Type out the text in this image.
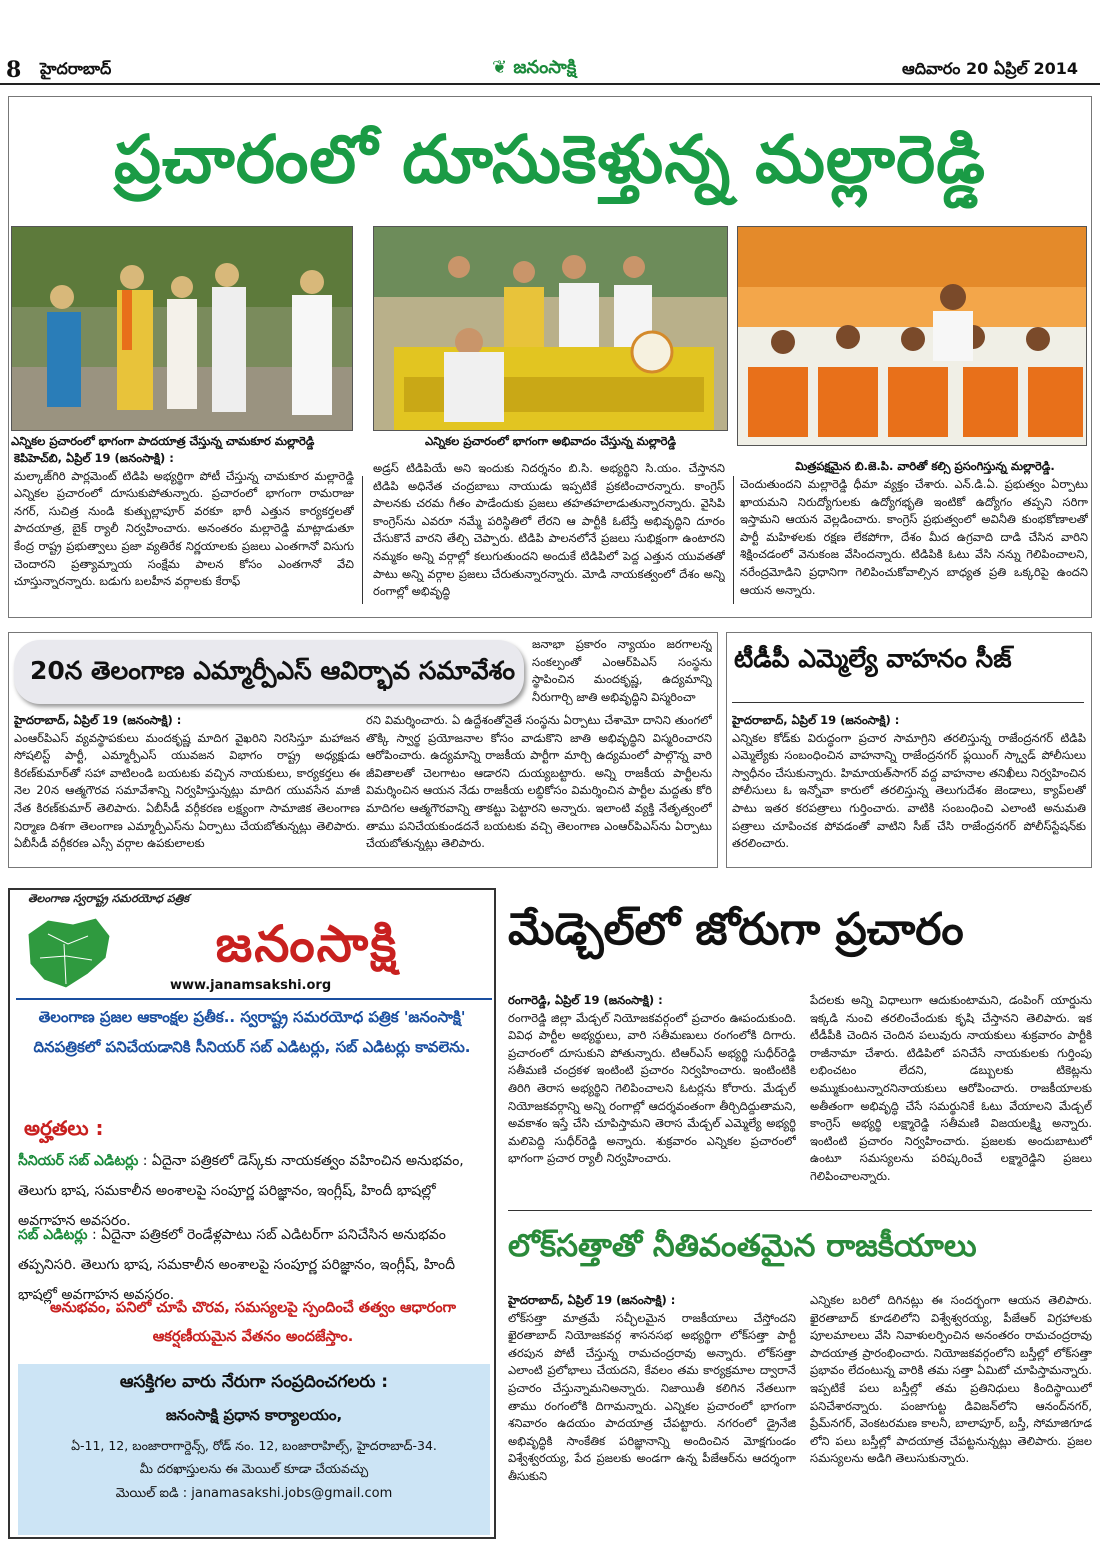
8 హైదరాబాద్	❦ జనంసాక్షి	ఆదివారం 20 ఏప్రిల్ 2014
ప్రచారంలో దూసుకెళ్తున్న మల్లారెడ్డి
ఎన్నికల ప్రచారంలో భాగంగా పాదయాత్ర చేస్తున్న చామకూర మల్లారెడ్డి	ఎన్నికల ప్రచారంలో భాగంగా అభివాదం చేస్తున్న మల్లారెడ్డి
మిత్రపక్షమైన బి.జె.పి. వారితో కల్సి ప్రసంగిస్తున్న మల్లారెడ్డి.
కెపిహెచ్‌బి, ఏప్రిల్ 19 (జనంసాక్షి) :
మల్కాజ్‌గిరి పార్లమెంట్ టిడిపి అభ్యర్థిగా పోటీ చేస్తున్న చామకూర మల్లారెడ్డి ఎన్నికల ప్రచారంలో దూసుకుపోతున్నారు. ప్రచారంలో భాగంగా రామరాజు నగర్, సుచిత్ర నుండి కుత్బుల్లాపూర్ వరకూ భారీ ఎత్తున కార్యకర్తలతో పాదయాత్ర, బైక్ ర్యాలీ నిర్వహించారు. అనంతరం మల్లారెడ్డి మాట్లాడుతూ కేంద్ర రాష్ట్ర ప్రభుత్వాలు ప్రజా వ్యతిరేక నిర్ణయాలకు ప్రజలు ఎంతగానో విసుగు చెందారని ప్రత్యామ్నాయ సంక్షేమ పాలన కోసం ఎంతగానో వేచి చూస్తున్నారన్నారు. బడుగు బలహీన వర్గాలకు కేరాఫ్
అడ్రస్ టిడిపియే అని ఇందుకు నిదర్శనం బి.సి. అభ్యర్థిని సి.యం. చేస్తానని టిడిపి అధినేత చంద్రబాబు నాయుడు ఇప్పటికే ప్రకటించారన్నారు. కాంగ్రెస్ పాలనకు చరమ గీతం పాడేందుకు ప్రజలు తహతహలాడుతున్నారన్నారు. వైసిపి కాంగ్రెస్‌ను ఎవరూ నమ్మే పరిస్థితిలో లేరని ఆ పార్టీకి ఓటేస్తే అభివృద్ధిని దూరం చేసుకొనే వారని తేల్చి చెప్పారు. టిడిపి పాలనలోనే ప్రజలు సుభిక్షంగా ఉంటారని నమ్మకం అన్ని వర్గాల్లో కలుగుతుందని అందుకే టిడిపిలో పెద్ద ఎత్తున యువతతో పాటు అన్ని వర్గాల ప్రజలు చేరుతున్నారన్నారు. మోడి నాయకత్వంలో దేశం అన్ని రంగాల్లో అభివృద్ధి
చెందుతుందని మల్లారెడ్డి ధీమా వ్యక్తం చేశారు. ఎన్.డి.ఏ. ప్రభుత్వం ఏర్పాటు ఖాయమని నిరుద్యోగులకు ఉద్యోగభృతి ఇంటికో ఉద్యోగం తప్పని సరిగా ఇస్తామని ఆయన వెల్లడించారు. కాంగ్రెస్ ప్రభుత్వంలో అవినీతి కుంభకోణాలతో పార్టీ మహిళలకు రక్షణ లేకపోగా, దేశం మీద ఉగ్రవాది దాడి చేసిన వారిని శిక్షించడంలో వెనుకంజ వేసిందన్నారు. టిడిపికి ఓటు వేసి నన్ను గెలిపించాలని, నరేంద్రమోడిని ప్రధానిగా గెలిపించుకోవాల్సిన బాధ్యత ప్రతి ఒక్కరిపై ఉందని ఆయన అన్నారు.
20న తెలంగాణ ఎమ్మార్పీఎస్ ఆవిర్భావ సమావేశం
జనాభా ప్రకారం న్యాయం జరగాలన్న సంకల్పంతో ఎంఆర్‌పిఎస్ సంస్థను స్థాపించిన మందకృష్ణ, ఉద్యమాన్ని నీరుగార్చి జాతి అభివృద్ధిని విస్మరించా
హైదరాబాద్, ఏప్రిల్ 19 (జనంసాక్షి) :
ఎంఆర్‌పిఎస్ వ్యవస్థాపకులు మందకృష్ణ మాదిగ వైఖరిని నిరసిస్తూ మహాజన సోషలిస్ట్ పార్టీ, ఎమ్మార్పీఎస్ యువజన విభాగం రాష్ట్ర అధ్యక్షుడు కిరణ్‌కుమార్‌తో సహా వాటిలండి బయటకు వచ్చిన నాయకులు, కార్యకర్తలు ఈ నెల 20న ఆత్మగౌరవ సమావేశాన్ని నిర్వహిస్తున్నట్లు మాదిగ యువసేన మాజీ నేత కిరణ్‌కుమార్ తెలిపారు. ఏబీసీడీ వర్గీకరణ లక్ష్యంగా సామాజిక తెలంగాణ నిర్మాణ దిశగా తెలంగాణ ఎమ్మార్పీఎస్‌ను ఏర్పాటు చేయబోతున్నట్లు తెలిపారు. ఏబీసీడీ వర్గీకరణ ఎస్సీ వర్గాల ఉపకులాలకు
రని విమర్శించారు. ఏ ఉద్దేశంతోనైతే సంస్థను ఏర్పాటు చేశామో దానిని తుంగలో తొక్కి స్వార్థ ప్రయోజనాల కోసం వాడుకొని జాతి అభివృద్ధిని విస్మరించారని ఆరోపించారు. ఉద్యమాన్ని రాజకీయ పార్టీగా మార్చి ఉద్యమంలో పాల్గొన్న వారి జీవితాలతో చెలగాటం ఆడారని దుయ్యబట్టారు. అన్ని రాజకీయ పార్టీలను విమర్శించిన ఆయన నేడు రాజకీయ లబ్ధికోసం విమర్శించిన పార్టీల మద్దతు కోరి మాదిగల ఆత్మగౌరవాన్ని తాకట్టు పెట్టారని అన్నారు. ఇలాంటి వ్యక్తి నేతృత్వంలో తాము పనిచేయకుండదనే బయటకు వచ్చి తెలంగాణ ఎంఆర్‌పిఎస్‌ను ఏర్పాటు చేయబోతున్నట్లు తెలిపారు.
టీడీపీ ఎమ్మెల్యే వాహనం సీజ్
హైదరాబాద్, ఏప్రిల్ 19 (జనంసాక్షి) :
ఎన్నికల కోడ్‌కు విరుద్ధంగా ప్రచార సామాగ్రిని తరలిస్తున్న రాజేంద్రనగర్ టిడిపి ఎమ్మెల్యేకు సంబంధించిన వాహనాన్ని రాజేంద్రనగర్ ఫ్లయింగ్ స్క్వాడ్ పోలీసులు స్వాధీనం చేసుకున్నారు. హిమాయత్‌సాగర్ వద్ద వాహనాల తనిఖీలు నిర్వహించిన పోలీసులు ఓ ఇన్నోవా కారులో తరలిస్తున్న తెలుగుదేశం జెండాలు, క్యాప్‌లతో పాటు ఇతర కరపత్రాలు గుర్తించారు. వాటికి సంబంధించి ఎలాంటి అనుమతి పత్రాలు చూపించక పోవడంతో వాటిని సీజ్ చేసి రాజేంద్రనగర్ పోలీస్‌స్టేషన్‌కు తరలించారు.
తెలంగాణ స్వరాష్ట్ర సమరయోధ పత్రిక
జనంసాక్షి
www.janamsakshi.org
తెలంగాణ ప్రజల ఆకాంక్షల ప్రతీక.. స్వరాష్ట్ర సమరయోధ పత్రిక 'జనంసాక్షి' దినపత్రికలో పనిచేయడానికి సీనియర్ సబ్ ఎడిటర్లు, సబ్ ఎడిటర్లు కావలెను.
అర్హతలు :
సీనియర్ సబ్ ఎడిటర్లు : ఏదైనా పత్రికలో డెస్క్‌కు నాయకత్వం వహించిన అనుభవం, తెలుగు భాష, సమకాలీన అంశాలపై సంపూర్ణ పరిజ్ఞానం, ఇంగ్లీష్, హిందీ భాషల్లో అవగాహన అవసరం.
సబ్ ఎడిటర్లు : ఏదైనా పత్రికలో రెండేళ్లపాటు సబ్ ఎడిటర్‌గా పనిచేసిన అనుభవం తప్పనిసరి. తెలుగు భాష, సమకాలీన అంశాలపై సంపూర్ణ పరిజ్ఞానం, ఇంగ్లీష్, హిందీ భాషల్లో అవగాహన అవసరం.
అనుభవం, పనిలో చూపే చొరవ, సమస్యలపై స్పందించే తత్వం ఆధారంగా ఆకర్షణీయమైన వేతనం అందజేస్తాం.
ఆసక్తిగల వారు నేరుగా సంప్రదించగలరు :
జనంసాక్షి ప్రధాన కార్యాలయం,
ఏ-11, 12, బంజారాగార్డెన్స్, రోడ్ నం. 12, బంజారాహిల్స్, హైదరాబాద్-34.
మీ దరఖాస్తులను ఈ మెయిల్ కూడా చేయవచ్చు
మెయిల్ ఐడి : janamasakshi.jobs@gmail.com
మేడ్చెల్‌లో జోరుగా ప్రచారం
రంగారెడ్డి, ఏప్రిల్ 19 (జనంసాక్షి) :
రంగారెడ్డి జిల్లా మేడ్చల్ నియోజకవర్గంలో ప్రచారం ఊపందుకుంది. వివిధ పార్టీల అభ్యర్థులు, వారి సతీమణులు రంగంలోకి దిగారు. ప్రచారంలో దూసుకుని పోతున్నారు. టిఆర్‌ఎస్ అభ్యర్థి సుధీర్‌రెడ్డి సతీమణి చంద్రకళ ఇంటింటి ప్రచారం నిర్వహించారు. ఇంటింటికి తిరిగి తెరాస అభ్యర్థిని గెలిపించాలని ఓటర్లను కోరారు. మేడ్చల్ నియోజకవర్గాన్ని అన్ని రంగాల్లో ఆదర్శవంతంగా తీర్చిదిద్దుతామని, అవకాశం ఇస్తే చేసి చూపిస్తామని తెరాస మేడ్చల్ ఎమ్మెల్యే అభ్యర్థి మలిపెద్ది సుధీర్‌రెడ్డి అన్నారు. శుక్రవారం ఎన్నికల ప్రచారంలో భాగంగా ప్రచార ర్యాలీ నిర్వహించారు.
పేదలకు అన్ని విధాలుగా ఆదుకుంటామని, డంపింగ్ యార్డును ఇక్కడి నుంచి తరలించేందుకు కృషి చేస్తానని తెలిపారు. ఇక టీడీపీకి చెందిన చెందిన పలువురు నాయకులు శుక్రవారం పార్టీకి రాజీనామా చేశారు. టిడిపిలో పనిచేసే నాయకులకు గుర్తింపు లభించటం లేదని, డబ్బులకు టికెట్లను అమ్ముకుంటున్నారనినాయకులు ఆరోపించారు. రాజకీయాలకు అతీతంగా అభివృద్ధి చేసే సమర్థునికే ఓటు వేయాలని మేడ్చల్ కాంగ్రెస్ అభ్యర్థి లక్ష్మారెడ్డి సతీమణి విజయలక్ష్మి అన్నారు. ఇంటింటి ప్రచారం నిర్వహించారు. ప్రజలకు అందుబాటులో ఉంటూ సమస్యలను పరిష్కరించే లక్ష్మారెడ్డిని ప్రజలు గెలిపించాలన్నారు.
లోక్‌సత్తాతో నీతివంతమైన రాజకీయాలు
హైదరాబాద్, ఏప్రిల్ 19 (జనంసాక్షి) :
లోక్‌సత్తా మాత్రమే సచ్ఛీలమైన రాజకీయాలు చేస్తోందని ఖైరతాబాద్ నియోజకవర్గ శాసనసభ అభ్యర్థిగా లోక్‌సత్తా పార్టీ తరపున పోటీ చేస్తున్న రామచంద్రరావు అన్నారు. లోక్‌సత్తా ఎలాంటి ప్రలోభాలు చేయదని, కేవలం తమ కార్యక్రమాల ద్వారానే ప్రచారం చేస్తున్నామనిఅన్నారు. నిజాయితీ కలిగిన నేతలుగా తాము రంగంలోకి దిగామన్నారు. ఎన్నికల ప్రచారంలో భాగంగా శనివారం ఉదయం పాదయాత్ర చేపట్టారు. నగరంలో డ్రైనేజి అభివృద్ధికి సాంకేతిక పరిజ్ఞానాన్ని అందించిన మోక్షగుండం విశ్వేశ్వరయ్య, పేద ప్రజలకు అండగా ఉన్న పీజేఆర్‌ను ఆదర్శంగా తీసుకుని
ఎన్నికల బరిలో దిగినట్లు ఈ సందర్భంగా ఆయన తెలిపారు. ఖైరతాబాద్ కూడలిలోని విశ్వేశ్వరయ్య, పీజేఆర్ విగ్రహాలకు పూలమాలలు వేసి నివాళులర్పించిన అనంతరం రామచంద్రరావు పాదయాత్ర ప్రారంభించారు. నియోజకవర్గంలోని బస్తీల్లో లోక్‌సత్తా ప్రభావం లేదంటున్న వారికి తమ సత్తా ఏమిటో చూపిస్తామన్నారు. ఇప్పటికే పలు బస్తీల్లో తమ ప్రతినిధులు కిందిస్థాయిలో పనిచేశారన్నారు. పంజాగుట్ట డివిజన్‌లోని ఆనంద్‌నగర్, ప్రేమ్‌నగర్, వెంకటరమణ కాలనీ, బాలాపూర్, బస్తీ, సోమాజిగూడ లోని పలు బస్తీల్లో పాదయాత్ర చేపట్టనున్నట్లు తెలిపారు. ప్రజల సమస్యలను అడిగి తెలుసుకున్నారు.
